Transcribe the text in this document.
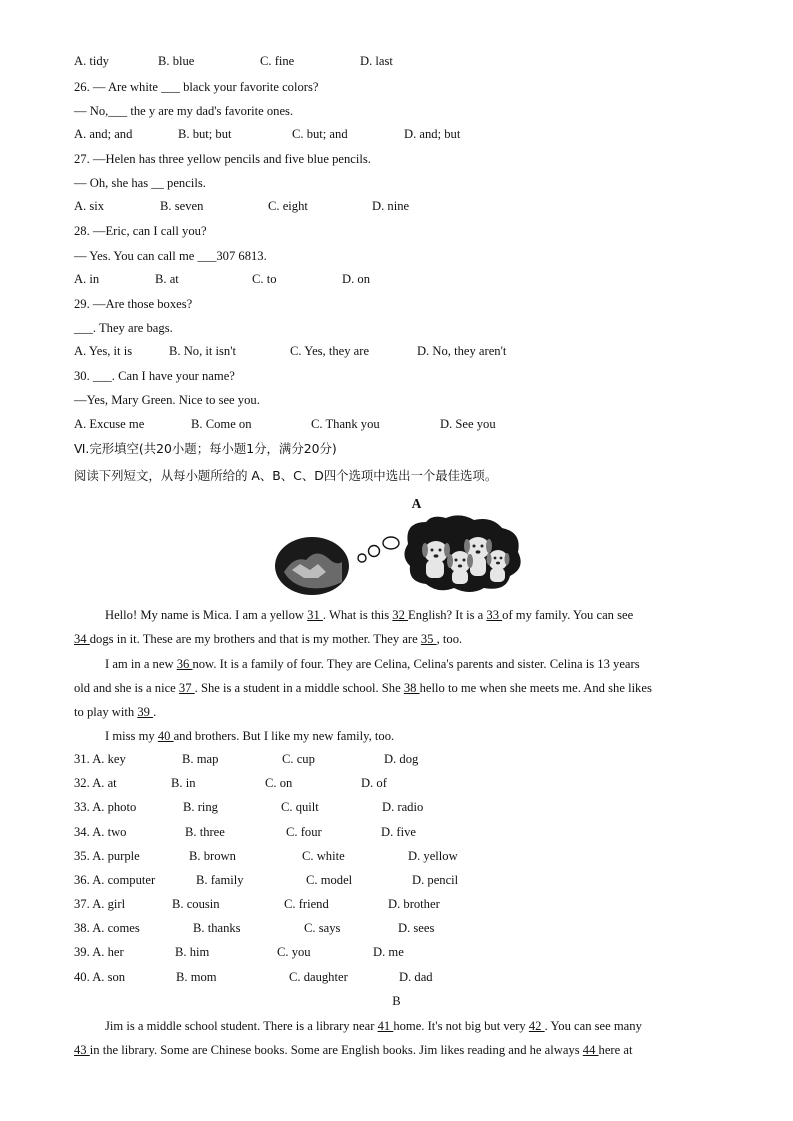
A. tidy	B. blue	C. fine	D. last
26. — Are white ___ black your favorite colors?
— No,___ the y are my dad's favorite ones.
A. and; and	B. but; but	C. but; and	D. and; but
27. —Helen has three yellow pencils and five blue pencils.
— Oh, she has __ pencils.
A. six	B. seven	C. eight	D. nine
28. —Eric, can I call you?
— Yes. You can call me ___307 6813.
A. in	B. at	C. to	D. on
29. —Are those boxes?
___. They are bags.
A. Yes, it is	B. No, it isn't	C. Yes, they are	D. No, they aren't
30. ___. Can I have your name?
—Yes, Mary Green. Nice to see you.
A. Excuse me	B. Come on	C. Thank you	D. See you
Ⅵ.完形填空(共20小题；每小题1分，满分20分)
阅读下列短文，从每小题所给的 A、B、C、D四个选项中选出一个最佳选项。
A
Hello! My name is Mica. I am a yellow 31 . What is this 32 English? It is a 33 of my family. You can see
34 dogs in it. These are my brothers and that is my mother. They are 35 , too.
I am in a new 36 now. It is a family of four. They are Celina, Celina's parents and sister. Celina is 13 years
old and she is a nice 37 . She is a student in a middle school. She 38 hello to me when she meets me. And she likes
to play with 39 .
I miss my 40 and brothers. But I like my new family, too.
31. A. key	B. map	C. cup	D. dog
32. A. at	B. in	C. on	D. of
33. A. photo	B. ring	C. quilt	D. radio
34. A. two	B. three	C. four	D. five
35. A. purple	B. brown	C. white	D. yellow
36. A. computer	B. family	C. model	D. pencil
37. A. girl	B. cousin	C. friend	D. brother
38. A. comes	B. thanks	C. says	D. sees
39. A. her	B. him	C. you	D. me
40. A. son	B. mom	C. daughter	D. dad
B
Jim is a middle school student. There is a library near 41 home. It's not big but very 42 . You can see many
43 in the library. Some are Chinese books. Some are English books. Jim likes reading and he always 44 here at
